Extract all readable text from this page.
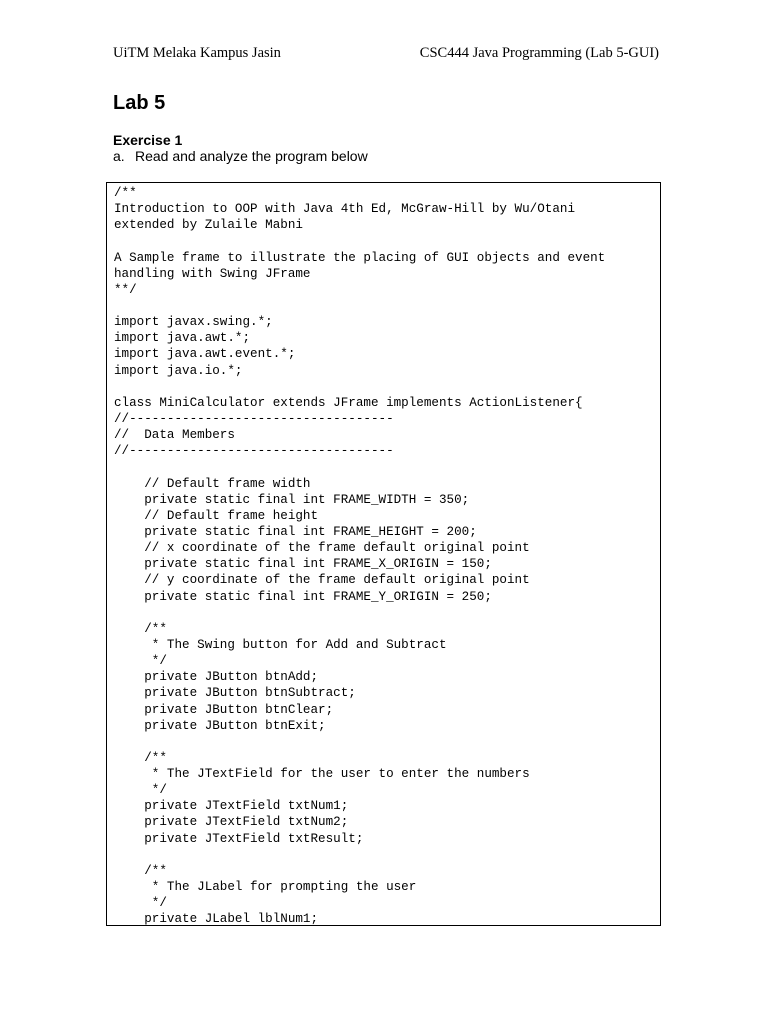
UiTM Melaka Kampus Jasin	CSC444 Java Programming (Lab 5-GUI)
Lab 5
Exercise 1
a. Read and analyze the program below
/**
Introduction to OOP with Java 4th Ed, McGraw-Hill by Wu/Otani
extended by Zulaile Mabni
A Sample frame to illustrate the placing of GUI objects and event
handling with Swing JFrame
**/
import javax.swing.*;
import java.awt.*;
import java.awt.event.*;
import java.io.*;
class MiniCalculator extends JFrame implements ActionListener{
//-----------------------------------
//  Data Members
//-----------------------------------
// Default frame width
private static final int FRAME_WIDTH = 350;
// Default frame height
private static final int FRAME_HEIGHT = 200;
// x coordinate of the frame default original point
private static final int FRAME_X_ORIGIN = 150;
// y coordinate of the frame default original point
private static final int FRAME_Y_ORIGIN = 250;
/**
* The Swing button for Add and Subtract
*/
private JButton btnAdd;
private JButton btnSubtract;
private JButton btnClear;
private JButton btnExit;
/**
* The JTextField for the user to enter the numbers
*/
private JTextField txtNum1;
private JTextField txtNum2;
private JTextField txtResult;
/**
* The JLabel for prompting the user
*/
private JLabel lblNum1;
